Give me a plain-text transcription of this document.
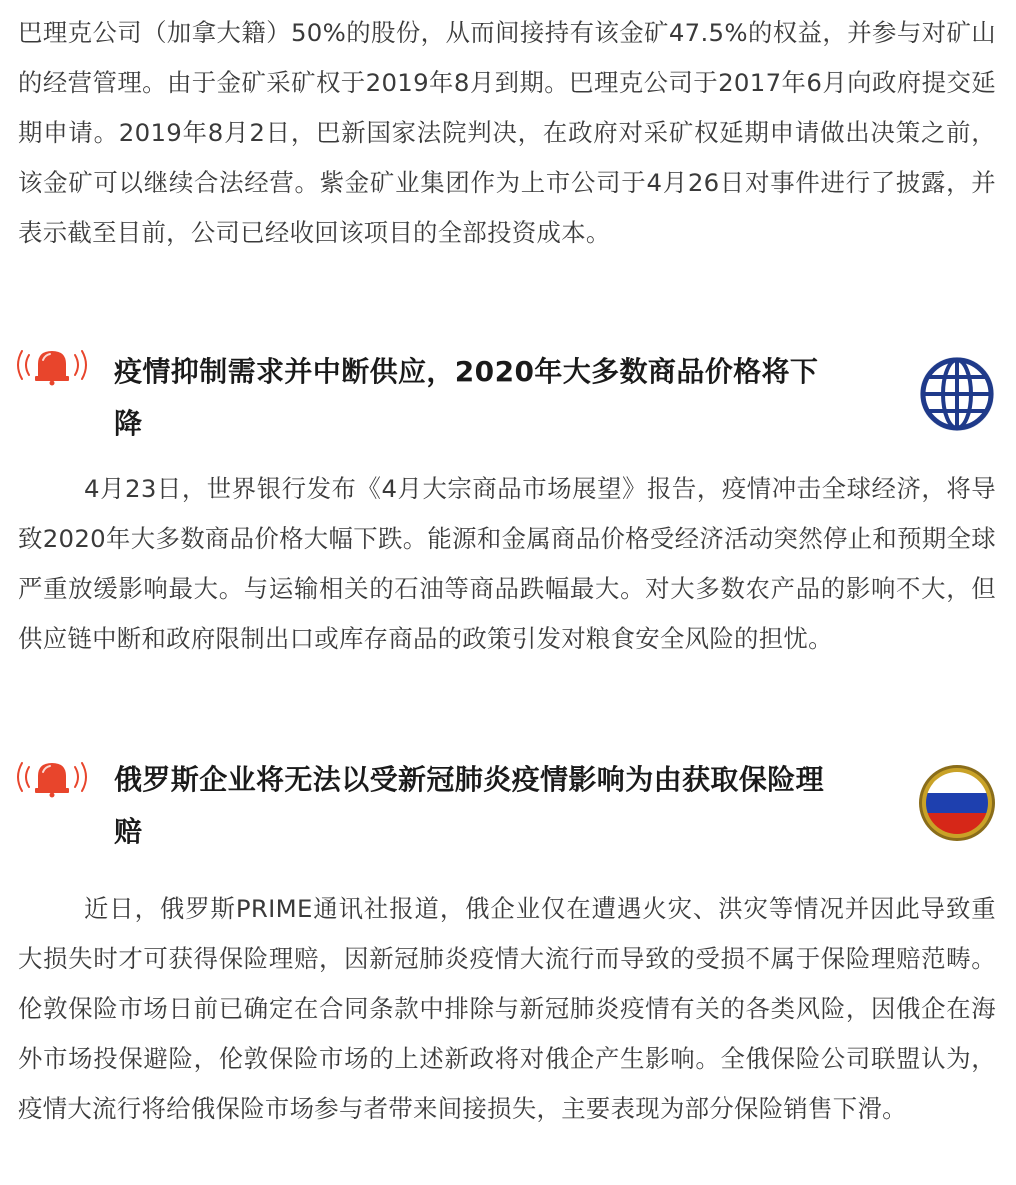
巴理克公司（加拿大籍）50%的股份，从而间接持有该金矿47.5%的权益，并参与对矿山的经营管理。由于金矿采矿权于2019年8月到期。巴理克公司于2017年6月向政府提交延期申请。2019年8月2日，巴新国家法院判决，在政府对采矿权延期申请做出决策之前，该金矿可以继续合法经营。紫金矿业集团作为上市公司于4月26日对事件进行了披露，并表示截至目前，公司已经收回该项目的全部投资成本。

疫情抑制需求并中断供应，2020年大多数商品价格将下降

4月23日，世界银行发布《4月大宗商品市场展望》报告，疫情冲击全球经济，将导致2020年大多数商品价格大幅下跌。能源和金属商品价格受经济活动突然停止和预期全球严重放缓影响最大。与运输相关的石油等商品跌幅最大。对大多数农产品的影响不大，但供应链中断和政府限制出口或库存商品的政策引发对粮食安全风险的担忧。

俄罗斯企业将无法以受新冠肺炎疫情影响为由获取保险理赔

近日，俄罗斯PRIME通讯社报道，俄企业仅在遭遇火灾、洪灾等情况并因此导致重大损失时才可获得保险理赔，因新冠肺炎疫情大流行而导致的受损不属于保险理赔范畴。伦敦保险市场日前已确定在合同条款中排除与新冠肺炎疫情有关的各类风险，因俄企在海外市场投保避险，伦敦保险市场的上述新政将对俄企产生影响。全俄保险公司联盟认为，疫情大流行将给俄保险市场参与者带来间接损失，主要表现为部分保险销售下滑。
